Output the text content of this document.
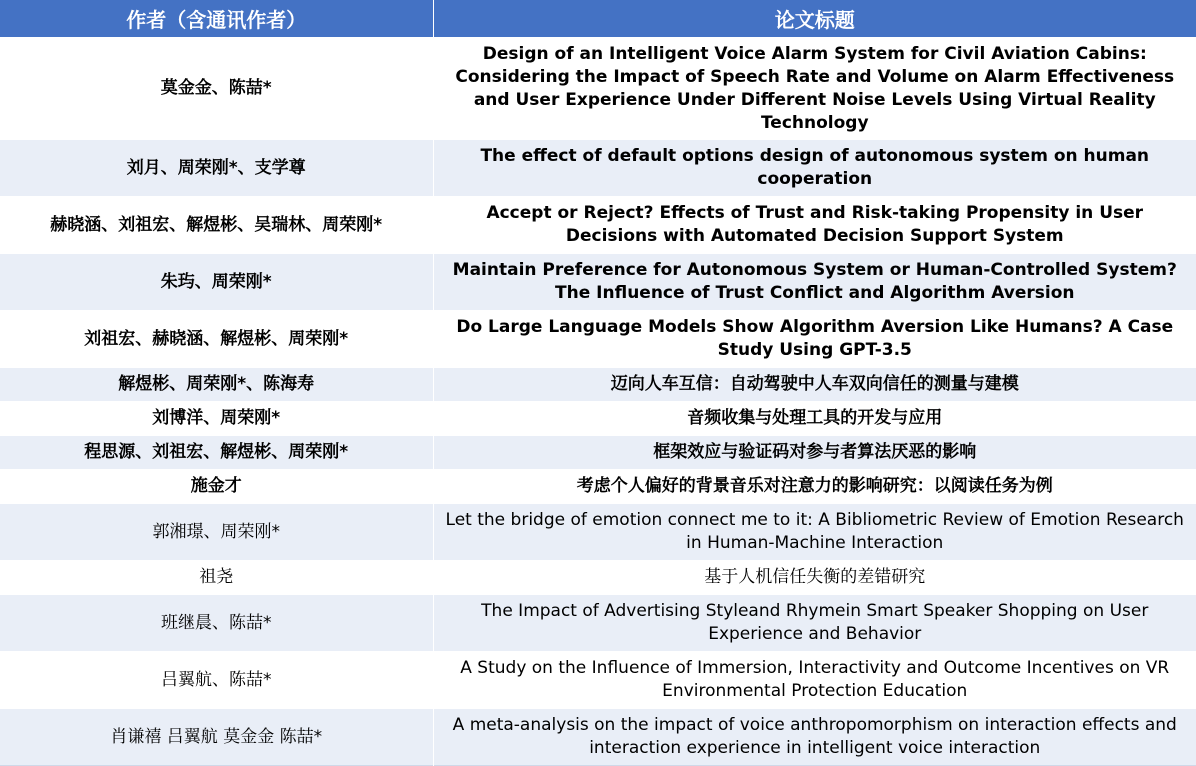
作者（含通讯作者）	论文标题
莫金金、陈喆*	Design of an Intelligent Voice Alarm System for Civil Aviation Cabins: Considering the Impact of Speech Rate and Volume on Alarm Effectiveness and User Experience Under Different Noise Levels Using Virtual Reality Technology
刘月、周荣刚*、支学尊	The effect of default options design of autonomous system on human cooperation
赫晓涵、刘祖宏、解煜彬、吴瑞林、周荣刚*	Accept or Reject? Effects of Trust and Risk-taking Propensity in User Decisions with Automated Decision Support System
朱玙、周荣刚*	Maintain Preference for Autonomous System or Human-Controlled System? The Influence of Trust Conflict and Algorithm Aversion
刘祖宏、赫晓涵、解煜彬、周荣刚*	Do Large Language Models Show Algorithm Aversion Like Humans? A Case Study Using GPT-3.5
解煜彬、周荣刚*、陈海寿	迈向人车互信：自动驾驶中人车双向信任的测量与建模
刘博洋、周荣刚*	音频收集与处理工具的开发与应用
程思源、刘祖宏、解煜彬、周荣刚*	框架效应与验证码对参与者算法厌恶的影响
施金才	考虑个人偏好的背景音乐对注意力的影响研究：以阅读任务为例
郭湘璟、周荣刚*	Let the bridge of emotion connect me to it: A Bibliometric Review of Emotion Research in Human-Machine Interaction
祖尧	基于人机信任失衡的差错研究
班继晨、陈喆*	The Impact of Advertising Styleand Rhymein Smart Speaker Shopping on User Experience and Behavior
吕翼航、陈喆*	A Study on the Influence of Immersion, Interactivity and Outcome Incentives on VR Environmental Protection Education
肖谦禧 吕翼航 莫金金 陈喆*	A meta-analysis on the impact of voice anthropomorphism on interaction effects and interaction experience in intelligent voice interaction
